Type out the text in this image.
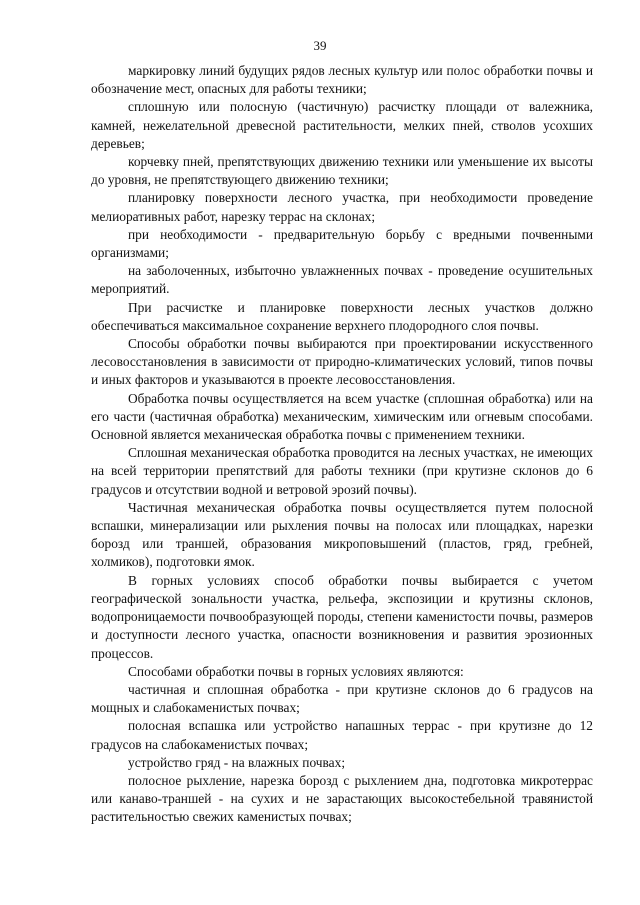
39

маркировку линий будущих рядов лесных культур или полос обработки почвы и обозначение мест, опасных для работы техники;

сплошную или полосную (частичную) расчистку площади от валежника, камней, нежелательной древесной растительности, мелких пней, стволов усохших деревьев;

корчевку пней, препятствующих движению техники или уменьшение их высоты до уровня, не препятствующего движению техники;

планировку поверхности лесного участка, при необходимости проведение мелиоративных работ, нарезку террас на склонах;

при необходимости - предварительную борьбу с вредными почвенными организмами;

на заболоченных, избыточно увлажненных почвах - проведение осушительных мероприятий.

При расчистке и планировке поверхности лесных участков должно обеспечиваться максимальное сохранение верхнего плодородного слоя почвы.

Способы обработки почвы выбираются при проектировании искусственного лесовосстановления в зависимости от природно-климатических условий, типов почвы и иных факторов и указываются в проекте лесовосстановления.

Обработка почвы осуществляется на всем участке (сплошная обработка) или на его части (частичная обработка) механическим, химическим или огневым способами. Основной является механическая обработка почвы с применением техники.

Сплошная механическая обработка проводится на лесных участках, не имеющих на всей территории препятствий для работы техники (при крутизне склонов до 6 градусов и отсутствии водной и ветровой эрозий почвы).

Частичная механическая обработка почвы осуществляется путем полосной вспашки, минерализации или рыхления почвы на полосах или площадках, нарезки борозд или траншей, образования микроповышений (пластов, гряд, гребней, холмиков), подготовки ямок.

В горных условиях способ обработки почвы выбирается с учетом географической зональности участка, рельефа, экспозиции и крутизны склонов, водопроницаемости почвообразующей породы, степени каменистости почвы, размеров и доступности лесного участка, опасности возникновения и развития эрозионных процессов.

Способами обработки почвы в горных условиях являются:

частичная и сплошная обработка - при крутизне склонов до 6 градусов на мощных и слабокаменистых почвах;

полосная вспашка или устройство напашных террас - при крутизне до 12 градусов на слабокаменистых почвах;

устройство гряд - на влажных почвах;

полосное рыхление, нарезка борозд с рыхлением дна, подготовка микротеррас или канаво-траншей - на сухих и не зарастающих высокостебельной травянистой растительностью свежих каменистых почвах;
